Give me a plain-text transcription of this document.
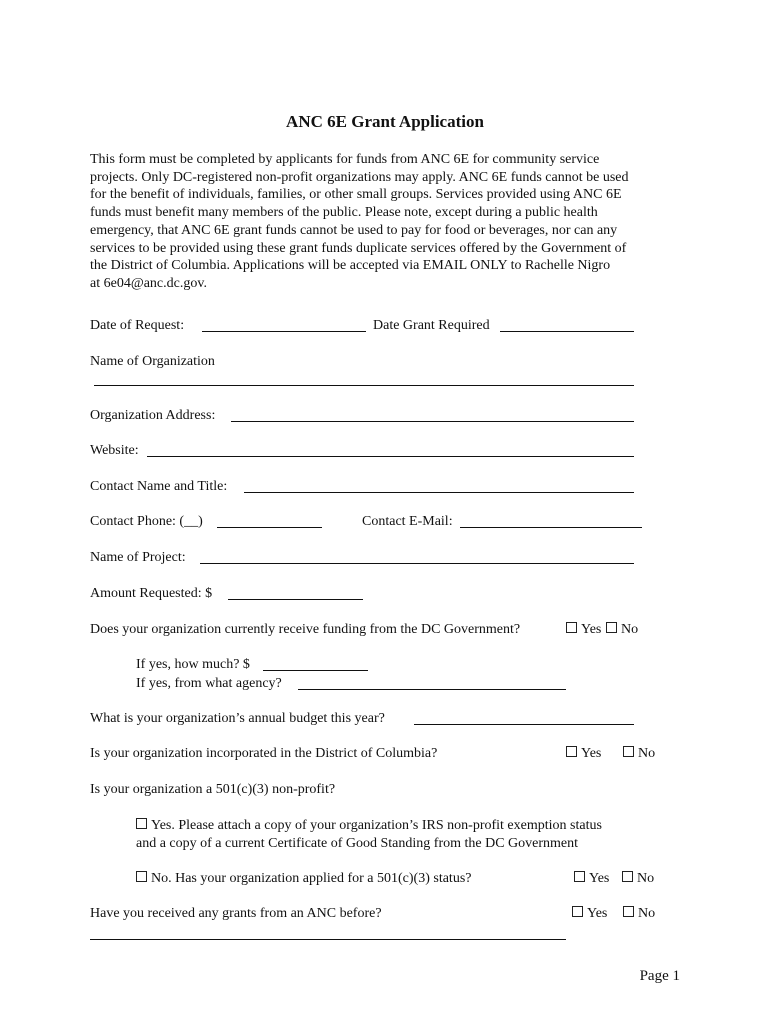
ANC 6E Grant Application
This form must be completed by applicants for funds from ANC 6E for community service
projects. Only DC-registered non-profit organizations may apply. ANC 6E funds cannot be used
for the benefit of individuals, families, or other small groups. Services provided using ANC 6E
funds must benefit many members of the public. Please note, except during a public health
emergency, that ANC 6E grant funds cannot be used to pay for food or beverages, nor can any
services to be provided using these grant funds duplicate services offered by the Government of
the District of Columbia. Applications will be accepted via EMAIL ONLY to Rachelle Nigro
at 6e04@anc.dc.gov.
Date of Request:	Date Grant Required
Name of Organization
Organization Address:
Website:
Contact Name and Title:
Contact Phone: (__)	Contact E-Mail:
Name of Project:
Amount Requested: $
Does your organization currently receive funding from the DC Government?	Yes	No
If yes, how much? $
If yes, from what agency?
What is your organization’s annual budget this year?
Is your organization incorporated in the District of Columbia?	Yes	No
Is your organization a 501(c)(3) non-profit?
Yes. Please attach a copy of your organization’s IRS non-profit exemption status
and a copy of a current Certificate of Good Standing from the DC Government
No. Has your organization applied for a 501(c)(3) status?	Yes	No
Have you received any grants from an ANC before?	Yes	No
Page 1
